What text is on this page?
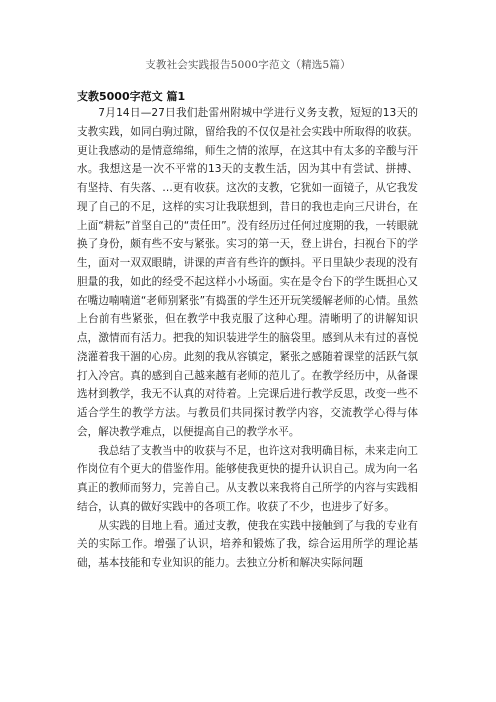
支教社会实践报告5000字范文（精选5篇）
支教5000字范文 篇1

7月14日—27日我们赴雷州附城中学进行义务支教，短短的13天的支教实践，如同白驹过隙，留给我的不仅仅是社会实践中所取得的收获。更让我感动的是情意绵绵，师生之情的浓厚，在这其中有太多的辛酸与汗水。我想这是一次不平常的13天的支教生活，因为其中有尝试、拼搏、有坚持、有失落、…更有收获。这次的支教，它犹如一面镜子，从它我发现了自己的不足，这样的实习让我联想到，昔日的我也走向三尺讲台，在上面“耕耘”首坚自己的“责任田”。没有经历过任何过度期的我，一转眼就换了身份，颇有些不安与紧张。实习的第一天，登上讲台，扫视台下的学生，面对一双双眼睛，讲课的声音有些许的颤抖。平日里缺少表现的没有胆量的我，如此的经受不起这样小小场面。实在是令台下的学生既担心又在嘴边喃喃道“老师别紧张”有捣蛋的学生还开玩笑缓解老师的心情。虽然上台前有些紧张，但在教学中我克服了这种心理。清晰明了的讲解知识点，激情而有活力。把我的知识装进学生的脑袋里。感到从未有过的喜悦浇灌着我干涸的心房。此刻的我从容镇定，紧张之感随着课堂的活跃气氛打入冷宫。真的感到自己越来越有老师的范儿了。在教学经历中，从备课选材到教学，我无不认真的对待着。上完课后进行教学反思，改变一些不适合学生的教学方法。与教员们共同探讨教学内容，交流教学心得与体会，解决教学难点，以便提高自己的教学水平。

我总结了支教当中的收获与不足，也许这对我明确目标，未来走向工作岗位有个更大的借鉴作用。能够使我更快的提升认识自己。成为向一名真正的教师而努力，完善自己。从支教以来我将自己所学的内容与实践相结合，认真的做好实践中的各项工作。收获了不少，也进步了好多。

从实践的目地上看。通过支教，使我在实践中接触到了与我的专业有关的实际工作。增强了认识，培养和锻炼了我，综合运用所学的理论基础，基本技能和专业知识的能力。去独立分析和解决实际问题
